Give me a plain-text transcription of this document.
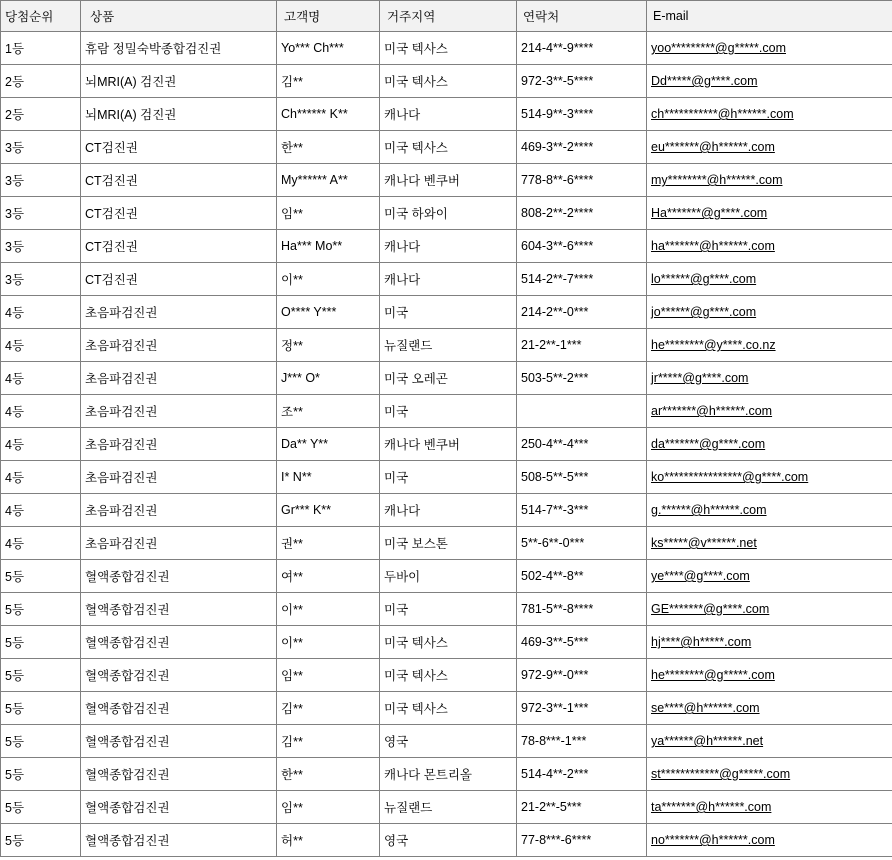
당첨순위	상품	고객명	거주지역	연락처	E-mail
1등	휴람 정밀숙박종합검진권	Yo*** Ch***	미국 텍사스	214-4**-9****	yoo*********@g*****.com
2등	뇌MRI(A) 검진권	김**	미국 텍사스	972-3**-5****	Dd*****@g****.com
2등	뇌MRI(A) 검진권	Ch****** K**	캐나다	514-9**-3****	ch***********@h******.com
3등	CT검진권	한**	미국 텍사스	469-3**-2****	eu*******@h******.com
3등	CT검진권	My****** A**	캐나다 벤쿠버	778-8**-6****	my********@h******.com
3등	CT검진권	임**	미국 하와이	808-2**-2****	Ha*******@g****.com
3등	CT검진권	Ha*** Mo**	캐나다	604-3**-6****	ha*******@h******.com
3등	CT검진권	이**	캐나다	514-2**-7****	lo******@g****.com
4등	초음파검진권	O**** Y***	미국	214-2**-0***	jo******@g****.com
4등	초음파검진권	정**	뉴질랜드	21-2**-1***	he********@y****.co.nz
4등	초음파검진권	J*** O*	미국 오레곤	503-5**-2***	jr*****@g****.com
4등	초음파검진권	조**	미국		ar*******@h******.com
4등	초음파검진권	Da** Y**	캐나다 벤쿠버	250-4**-4***	da*******@g****.com
4등	초음파검진권	I* N**	미국	508-5**-5***	ko****************@g****.com
4등	초음파검진권	Gr*** K**	캐나다	514-7**-3***	g.******@h******.com
4등	초음파검진권	권**	미국 보스톤	5**-6**-0***	ks*****@v******.net
5등	혈액종합검진권	여**	두바이	502-4**-8**	ye****@g****.com
5등	혈액종합검진권	이**	미국	781-5**-8****	GE*******@g****.com
5등	혈액종합검진권	이**	미국 텍사스	469-3**-5***	hj****@h*****.com
5등	혈액종합검진권	임**	미국 텍사스	972-9**-0***	he********@g*****.com
5등	혈액종합검진권	김**	미국 텍사스	972-3**-1***	se****@h******.com
5등	혈액종합검진권	김**	영국	78-8***-1***	ya******@h******.net
5등	혈액종합검진권	한**	캐나다 몬트리올	514-4**-2***	st************@g*****.com
5등	혈액종합검진권	임**	뉴질랜드	21-2**-5***	ta*******@h******.com
5등	혈액종합검진권	허**	영국	77-8***-6****	no*******@h******.com
